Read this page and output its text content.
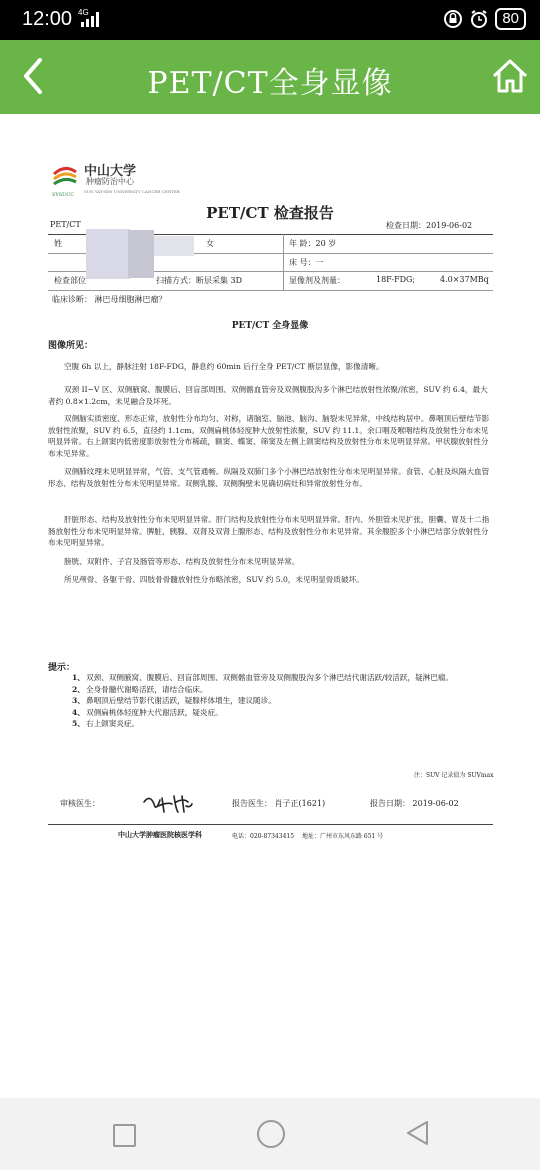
12:00 4G	80
PET/CT全身显像
中山大学
肿瘤防治中心
SUN YAT-SEN UNIVERSITY CANCER CENTER
SYSUCC
PET/CT 检查报告
PET/CT	检查日期：2019-06-02
姓	女	年 龄：20 岁
床 号：一
检查部位	扫描方式：断层采集 3D	显像剂及剂量：	18F-FDG;	4.0×37MBq
临床诊断： 淋巴母细胞淋巴瘤？
PET/CT 全身显像
图像所见：
空腹 6h 以上，静脉注射 18F-FDG，静息约 60min 后行全身 PET/CT 断层显像，影像清晰。
双颈 II~V 区、双侧腋窝、腹膜后、回盲部周围、双侧髂血管旁及双侧腹股沟多个淋巴结放射性浓聚/浓密，SUV 约 6.4，最大者约 0.8×1.2cm，未见融合及坏死。
双侧脑实质密度、形态正常，放射性分布均匀、对称，诸脑室、脑池、脑沟、脑裂未见异常，中线结构居中。鼻咽顶后壁结节影放射性浓聚，SUV 约 6.5，直径约 1.1cm。双侧扁桃体轻度肿大放射性浓聚，SUV 约 11.1。余口咽及喉咽结构及放射性分布未见明显异常。右上颌窦内低密度影放射性分布稀疏，额窦、蝶窦、筛窦及左侧上颌窦结构及放射性分布未见明显异常。甲状腺放射性分布未见异常。
双侧肺纹理未见明显异常，气管、支气管通畅。纵隔及双肺门多个小淋巴结放射性分布未见明显异常。食管、心脏及纵隔大血管形态、结构及放射性分布未见明显异常。双侧乳腺、双侧胸壁未见确切病灶和异常放射性分布。
肝脏形态、结构及放射性分布未见明显异常。肝门结构及放射性分布未见明显异常。肝内、外胆管未见扩张，胆囊、胃及十二指肠放射性分布未见明显异常。脾脏、胰腺、双肾及双肾上腺形态、结构及放射性分布未见异常。其余腹腔多个小淋巴结部分放射性分布未见明显异常。
膀胱、双附件、子宫及肠管等形态、结构及放射性分布未见明显异常。
所见颅骨、各躯干骨、四肢骨骨髓放射性分布略浓密，SUV 约 5.0，未见明显骨质破坏。
提示：
1、 双颈、双侧腋窝、腹膜后、回盲部周围、双侧髂血管旁及双侧腹股沟多个淋巴结代谢活跃/较活跃，疑淋巴瘤。
2、 全身骨髓代谢略活跃，请结合临床。
3、 鼻咽顶后壁结节影代谢活跃，疑腺样体增生，建议随诊。
4、 双侧扁桃体轻度肿大代谢活跃，疑炎症。
5、 右上颌窦炎症。
注：SUV 记录值为 SUVmax
审核医生：	报告医生： 肖子正(1621)	报告日期： 2019-06-02
中山大学肿瘤医院核医学科	电话：020-87343415 地址：广州市东风东路 651 号
